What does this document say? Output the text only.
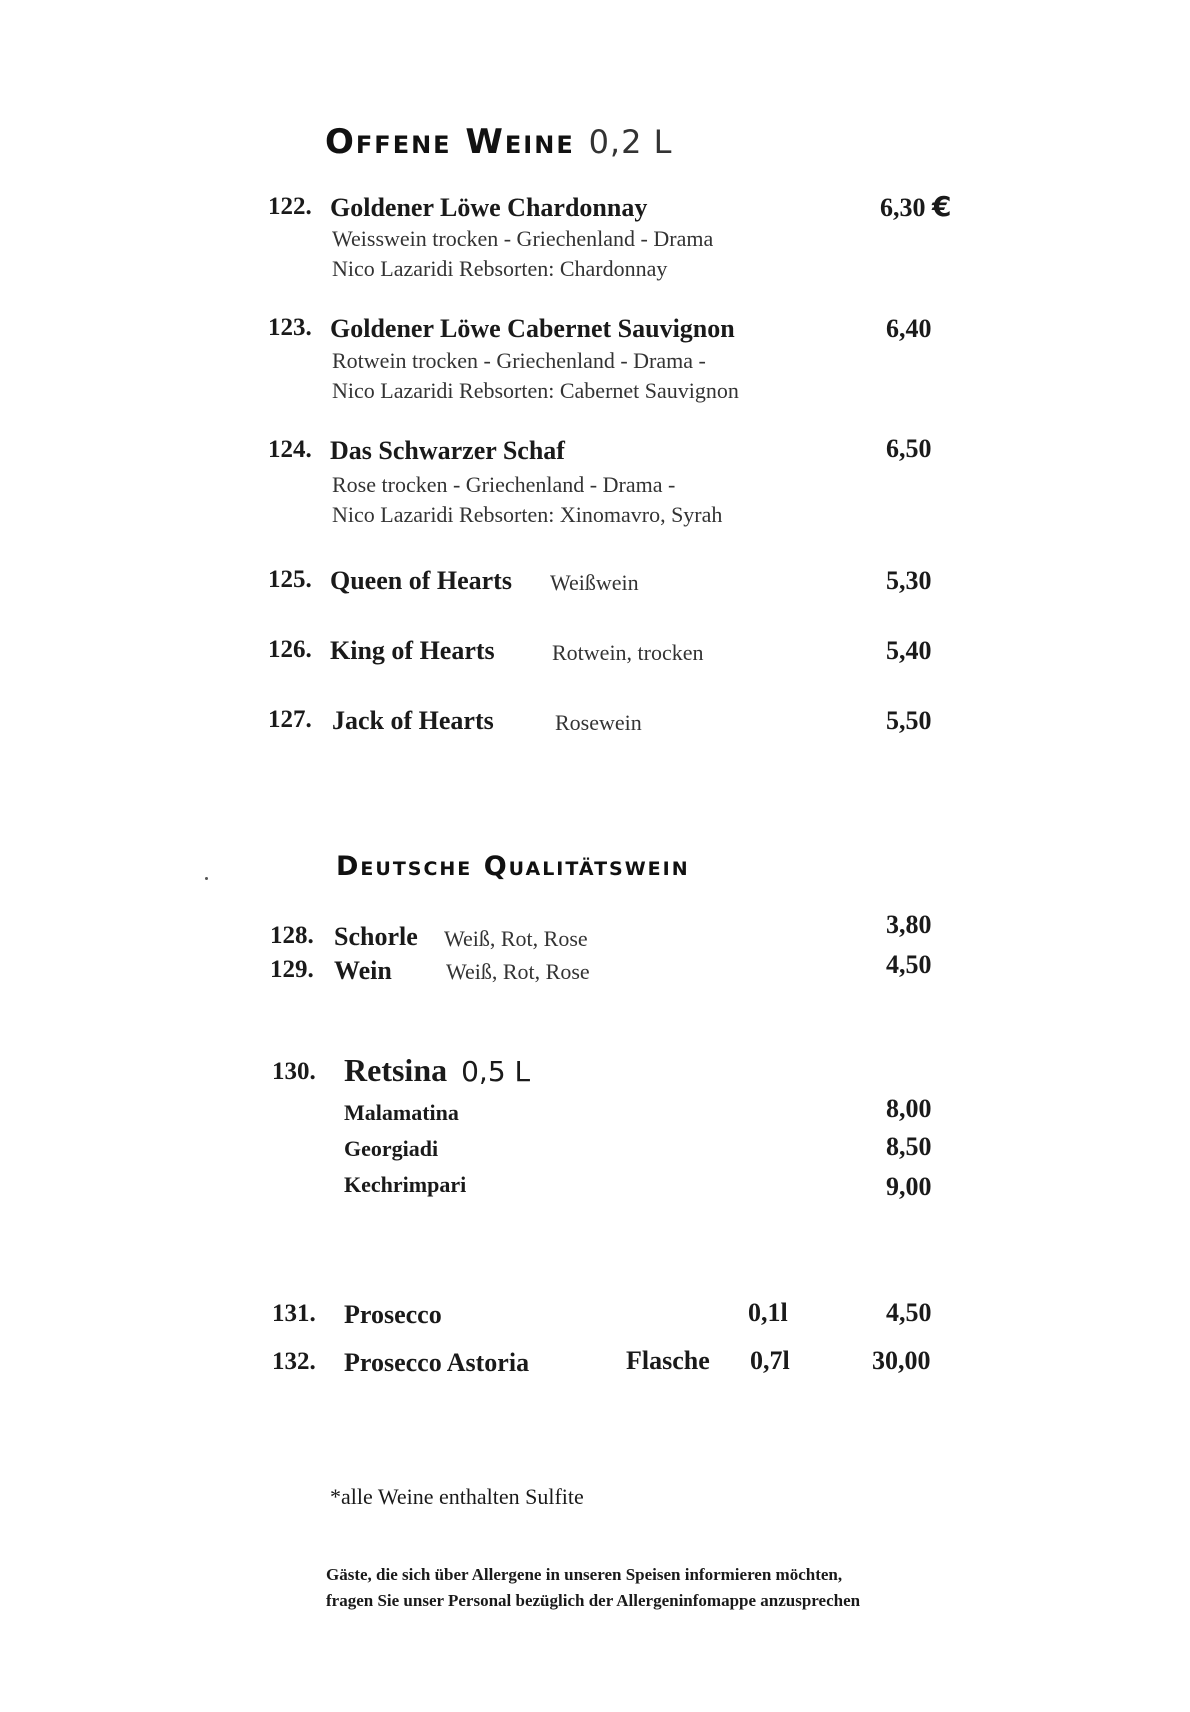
Offene Weine 0,2 L
122. Goldener Löwe Chardonnay	6,30 €
Weisswein trocken - Griechenland - Drama
Nico Lazaridi Rebsorten: Chardonnay
123. Goldener Löwe Cabernet Sauvignon	6,40
Rotwein trocken - Griechenland - Drama -
Nico Lazaridi Rebsorten: Cabernet Sauvignon
124. Das Schwarzer Schaf	6,50
Rose trocken - Griechenland - Drama -
Nico Lazaridi Rebsorten: Xinomavro, Syrah
125. Queen of Hearts Weißwein	5,30
126. King of Hearts	Rotwein, trocken	5,40
127. Jack of Hearts	Rosewein	5,50
Deutsche Qualitätswein
128. Schorle Weiß, Rot, Rose	3,80
129. Wein Weiß, Rot, Rose	4,50
130. Retsina 0,5 L
Malamatina	8,00
Georgiadi	8,50
Kechrimpari	9,00
131. Prosecco	0,1l	4,50
132. Prosecco Astoria	Flasche 0,7l	30,00
*alle Weine enthalten Sulfite
Gäste, die sich über Allergene in unseren Speisen informieren möchten,
fragen Sie unser Personal bezüglich der Allergeninfomappe anzusprechen
